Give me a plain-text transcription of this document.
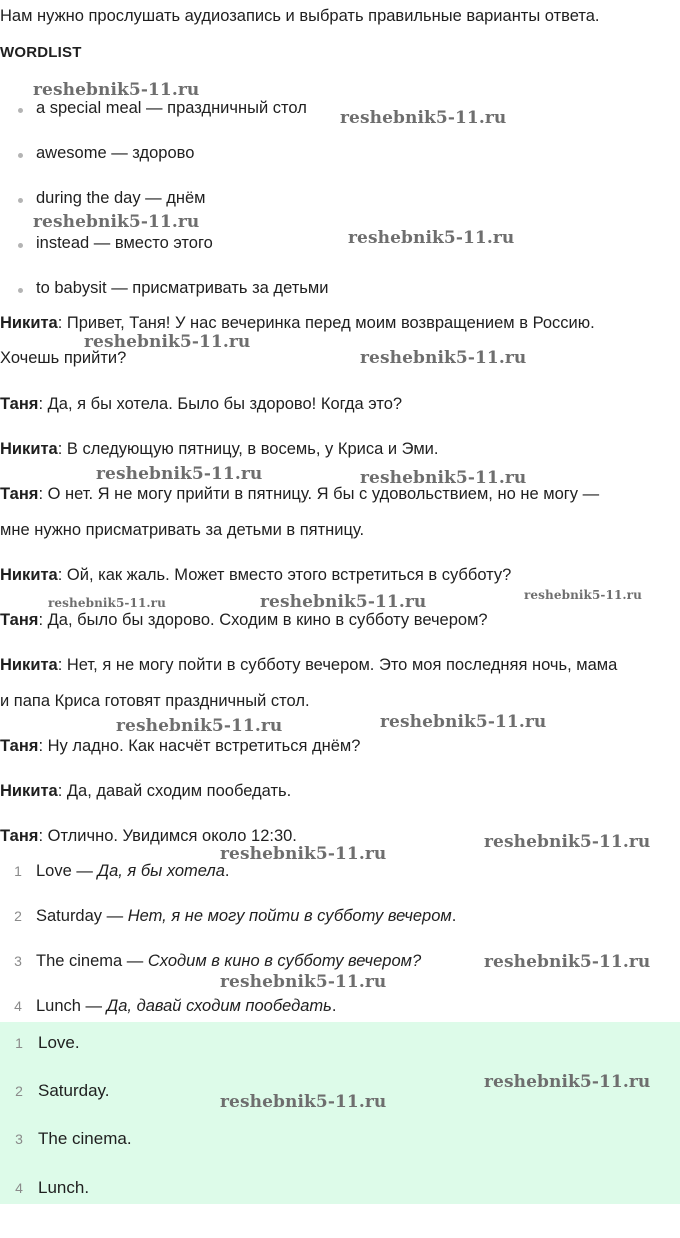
Нам нужно прослушать аудиозапись и выбрать правильные варианты ответа.
WORDLIST
a special meal — праздничный стол
awesome — здорово
during the day — днём
instead — вместо этого
to babysit — присматривать за детьми
Никита: Привет, Таня! У нас вечеринка перед моим возвращением в Россию.
Хочешь прийти?
Таня: Да, я бы хотела. Было бы здорово! Когда это?
Никита: В следующую пятницу, в восемь, у Криса и Эми.
Таня: О нет. Я не могу прийти в пятницу. Я бы с удовольствием, но не могу —
мне нужно присматривать за детьми в пятницу.
Никита: Ой, как жаль. Может вместо этого встретиться в субботу?
Таня: Да, было бы здорово. Сходим в кино в субботу вечером?
Никита: Нет, я не могу пойти в субботу вечером. Это моя последняя ночь, мама
и папа Криса готовят праздничный стол.
Таня: Ну ладно. Как насчёт встретиться днём?
Никита: Да, давай сходим пообедать.
Таня: Отлично. Увидимся около 12:30.
1 Love — Да, я бы хотела.
2 Saturday — Нет, я не могу пойти в субботу вечером.
3 The cinema — Сходим в кино в субботу вечером?
4 Lunch — Да, давай сходим пообедать.
1 Love.
2 Saturday.
3 The cinema.
4 Lunch.
reshebnik5-11.ru
reshebnik5-11.ru
reshebnik5-11.ru
reshebnik5-11.ru
reshebnik5-11.ru
reshebnik5-11.ru
reshebnik5-11.ru	reshebnik5-11.ru
reshebnik5-11.ru	reshebnik5-11.ru	reshebnik5-11.ru
reshebnik5-11.ru	reshebnik5-11.ru
reshebnik5-11.ru
reshebnik5-11.ru
reshebnik5-11.ru
reshebnik5-11.ru
reshebnik5-11.ru
reshebnik5-11.ru
